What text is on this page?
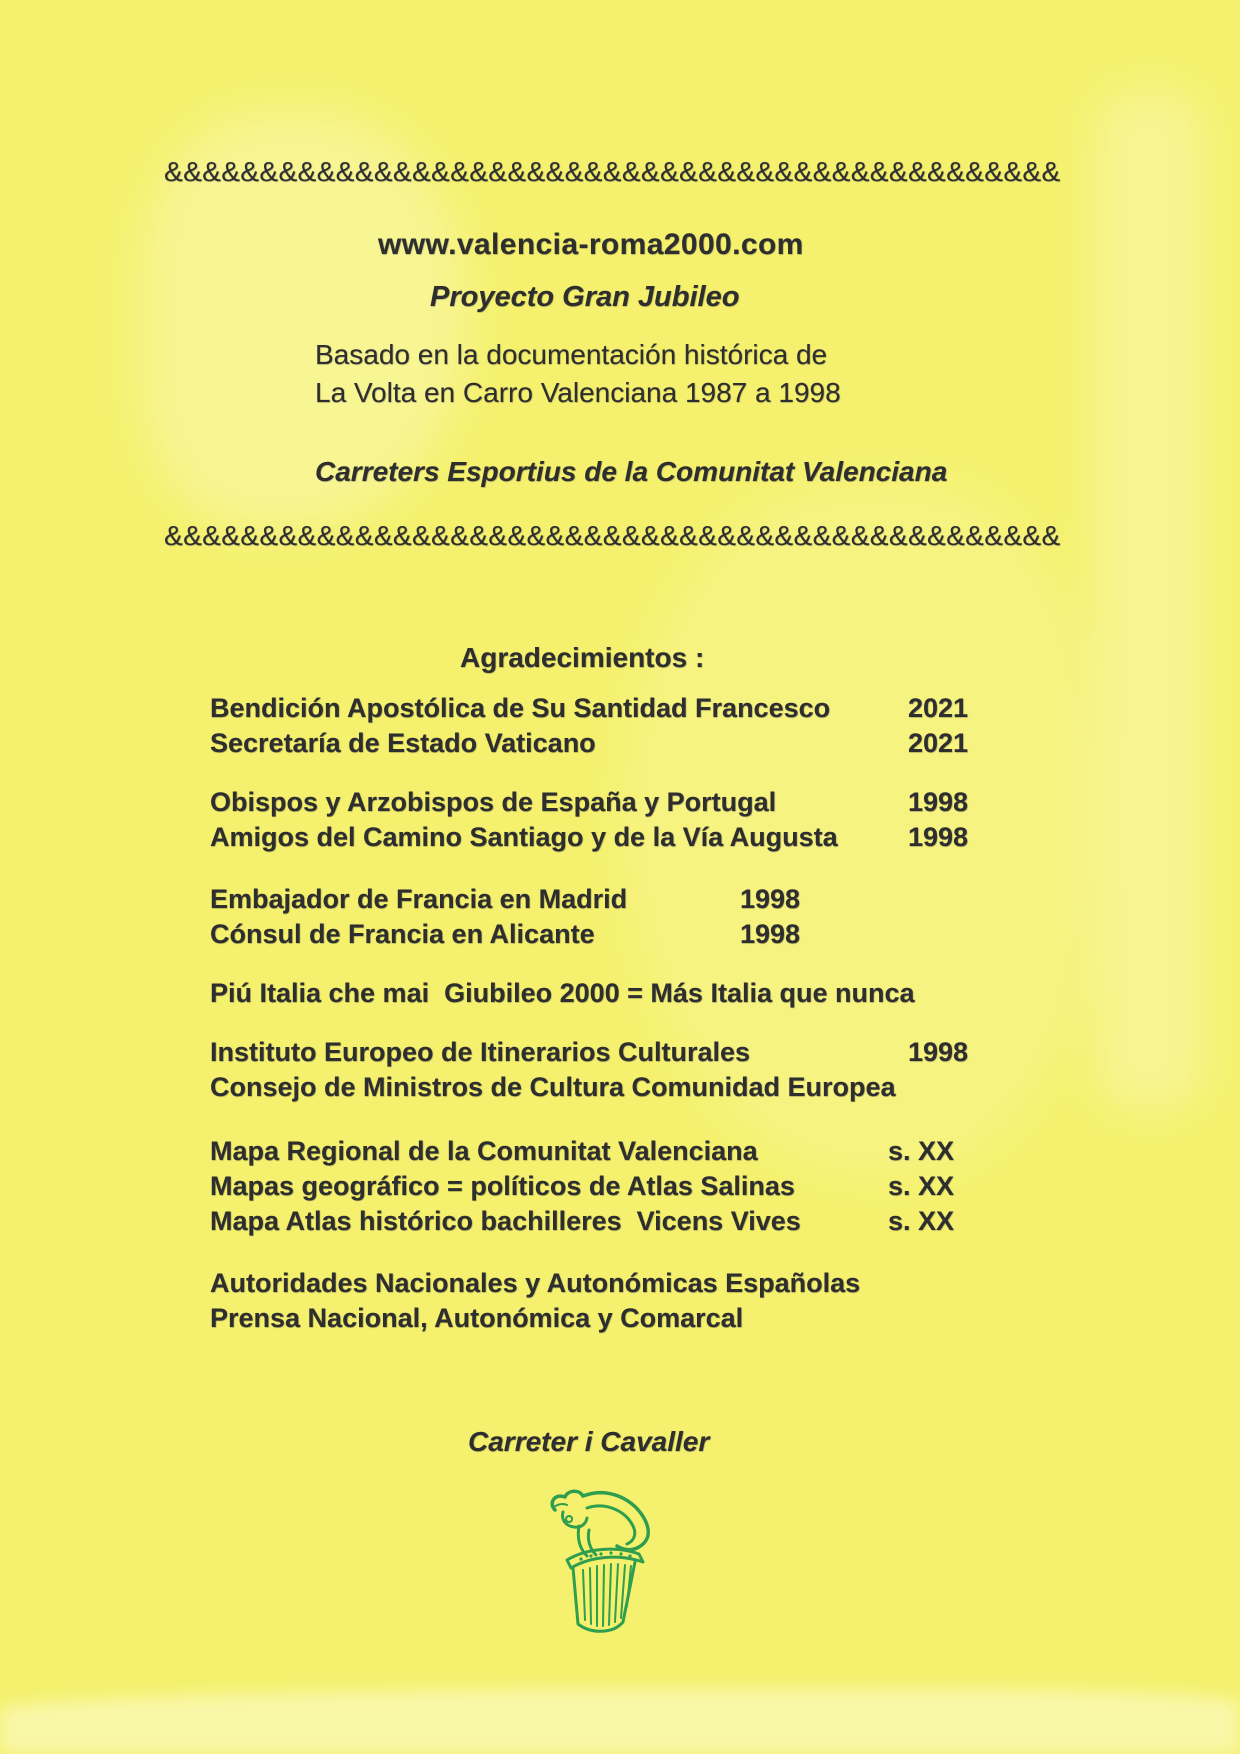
&&&&&&&&&&&&&&&&&&&&&&&&&&&&&&&&&&&&&&&&&&&&&&&
www.valencia-roma2000.com
Proyecto Gran Jubileo
Basado en la documentación histórica de
La Volta en Carro Valenciana 1987 a 1998
Carreters Esportius de la Comunitat Valenciana
&&&&&&&&&&&&&&&&&&&&&&&&&&&&&&&&&&&&&&&&&&&&&&&
Agradecimientos :
Bendición Apostólica de Su Santidad Francesco	2021
Secretaría de Estado Vaticano	2021
Obispos y Arzobispos de España y Portugal	1998
Amigos del Camino Santiago y de la Vía Augusta	1998
Embajador de Francia en Madrid	1998
Cónsul de Francia en Alicante	1998
Piú Italia che mai  Giubileo 2000 = Más Italia que nunca
Instituto Europeo de Itinerarios Culturales	1998
Consejo de Ministros de Cultura Comunidad Europea
Mapa Regional de la Comunitat Valenciana	s. XX
Mapas geográfico = políticos de Atlas Salinas	s. XX
Mapa Atlas histórico bachilleres  Vicens Vives	s. XX
Autoridades Nacionales y Autonómicas Españolas
Prensa Nacional, Autonómica y Comarcal
Carreter i Cavaller
